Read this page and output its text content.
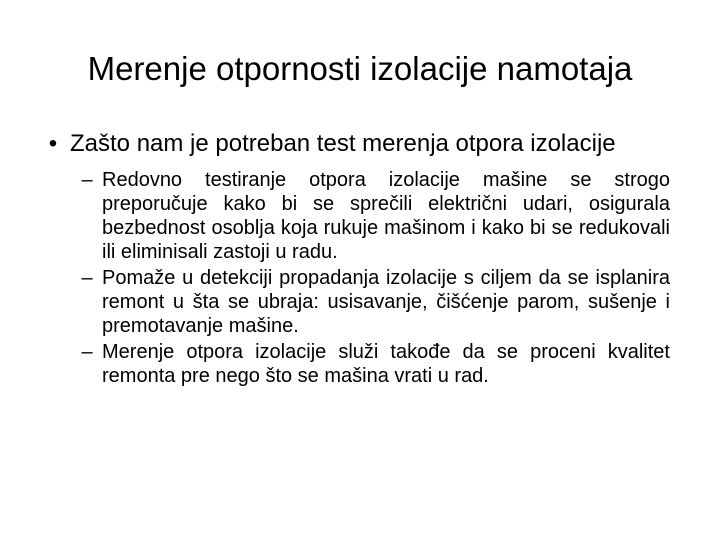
Merenje otpornosti izolacije namotaja
• Zašto nam je potreban test merenja otpora izolacije
– Redovno testiranje otpora izolacije mašine se strogo preporučuje kako bi se sprečili električni udari, osigurala bezbednost osoblja koja rukuje mašinom i kako bi se redukovali ili eliminisali zastoji u radu.
– Pomaže u detekciji propadanja izolacije s ciljem da se isplanira remont u šta se ubraja: usisavanje, čišćenje parom, sušenje i premotavanje mašine.
– Merenje otpora izolacije služi takođe da se proceni kvalitet remonta pre nego što se mašina vrati u rad.
